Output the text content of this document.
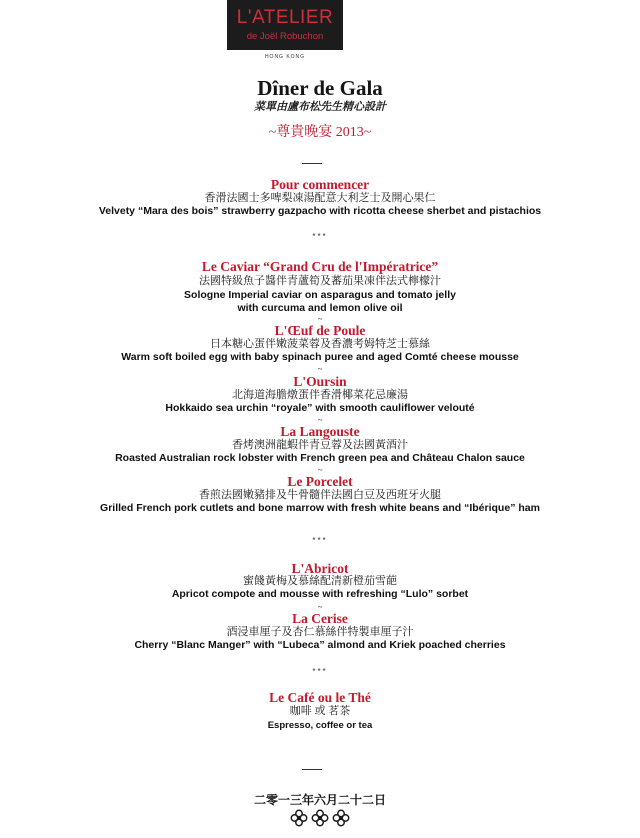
L'ATELIER
de Joël Robuchon
HONG KONG
Dîner de Gala
菜單由盧布松先生精心設計
~尊貴晚宴 2013~
Pour commencer
香滑法國士多啤梨凍湯配意大利芝士及開心果仁
Velvety “Mara des bois” strawberry gazpacho with ricotta cheese sherbet and pistachios
***
Le Caviar “Grand Cru de l'Impératrice”
法國特級魚子醬伴青蘆筍及蕃茄果凍伴法式檸檬汁
Sologne Imperial caviar on asparagus and tomato jelly
with curcuma and lemon olive oil
~
L'Œuf de Poule
日本糖心蛋伴嫩菠菜蓉及香濃考姆特芝士慕絲
Warm soft boiled egg with baby spinach puree and aged Comté cheese mousse
~
L'Oursin
北海道海膽燉蛋伴香滑椰菜花忌廉湯
Hokkaido sea urchin “royale” with smooth cauliflower velouté
~
La Langouste
香烤澳洲龍蝦伴青豆蓉及法國黃酒汁
Roasted Australian rock lobster with French green pea and Château Chalon sauce
~
Le Porcelet
香煎法國嫩豬排及牛骨髓伴法國白豆及西班牙火腿
Grilled French pork cutlets and bone marrow with fresh white beans and “Ibérique” ham
***
L'Abricot
蜜餞黃梅及慕絲配清新橙茄雪葩
Apricot compote and mousse with refreshing “Lulo” sorbet
~
La Cerise
酒浸車厘子及杏仁慕絲伴特製車厘子汁
Cherry “Blanc Manger” with “Lubeca” almond and Kriek poached cherries
***
Le Café ou le Thé
咖啡 或 茗茶
Espresso, coffee or tea
二零一三年六月二十二日
